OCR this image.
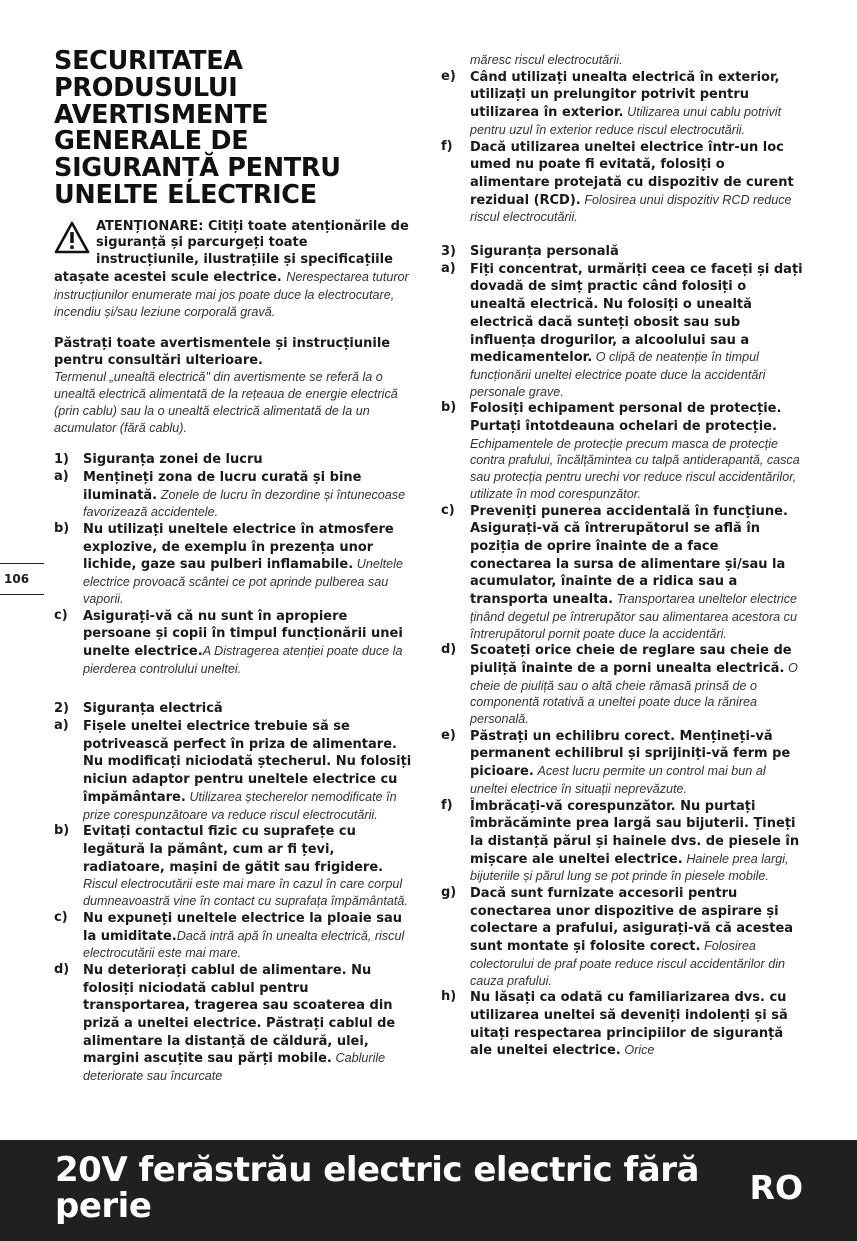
SECURITATEA PRODUSULUI AVERTISMENTE GENERALE DE SIGURANȚĂ PENTRU UNELTE ELECTRICE
ATENȚIONARE: Citiți toate atenționările de siguranță și parcurgeți toate instrucțiunile, ilustrațiile și specificațiile atașate acestei scule electrice. Nerespectarea tuturor instrucțiunilor enumerate mai jos poate duce la electrocutare, incendiu și/sau leziune corporală gravă.
Păstrați toate avertismentele și instrucțiunile pentru consultări ulterioare.
Termenul „unealtă electrică" din avertismente se referă la o unealtă electrică alimentată de la rețeaua de energie electrică (prin cablu) sau la o unealtă electrică alimentată de la un acumulator (fără cablu).
1)	Siguranța zonei de lucru
a)	Mențineți zona de lucru curată și bine iluminată. Zonele de lucru în dezordine și întunecoase favorizează accidentele.
b)	Nu utilizați uneltele electrice în atmosfere explozive, de exemplu în prezența unor lichide, gaze sau pulberi inflamabile. Uneltele electrice provoacă scântei ce pot aprinde pulberea sau vaporii.
c)	Asigurați-vă că nu sunt în apropiere persoane și copii în timpul funcționării unei unelte electrice.A Distragerea atenției poate duce la pierderea controlului uneltei.
2)	Siguranța electrică
a)	Fișele uneltei electrice trebuie să se potrivească perfect în priza de alimentare. Nu modificați niciodată ștecherul. Nu folosiți niciun adaptor pentru uneltele electrice cu împământare. Utilizarea ștecherelor nemodificate în prize corespunzătoare va reduce riscul electrocutării.
b)	Evitați contactul fizic cu suprafețe cu legătură la pământ, cum ar fi țevi, radiatoare, mașini de gătit sau frigidere. Riscul electrocutării este mai mare în cazul în care corpul dumneavoastră vine în contact cu suprafața împământată.
c)	Nu expuneți uneltele electrice la ploaie sau la umiditate.Dacă intră apă în unealta electrică, riscul electrocutării este mai mare.
d)	Nu deteriorați cablul de alimentare. Nu folosiți niciodată cablul pentru transportarea, tragerea sau scoaterea din priză a uneltei electrice. Păstrați cablul de alimentare la distanță de căldură, ulei, margini ascuțite sau părți mobile. Cablurile deteriorate sau încurcate
măresc riscul electrocutării.
e)	Când utilizați unealta electrică în exterior, utilizați un prelungitor potrivit pentru utilizarea în exterior. Utilizarea unui cablu potrivit pentru uzul în exterior reduce riscul electrocutării.
f)	Dacă utilizarea uneltei electrice într-un loc umed nu poate fi evitată, folosiți o alimentare protejată cu dispozitiv de curent rezidual (RCD). Folosirea unui dispozitiv RCD reduce riscul electrocutării.
3)	Siguranța personală
a)	Fiți concentrat, urmăriți ceea ce faceți și dați dovadă de simț practic când folosiți o unealtă electrică. Nu folosiți o unealtă electrică dacă sunteți obosit sau sub influența drogurilor, a alcoolului sau a medicamentelor. O clipă de neatenție în timpul funcționării uneltei electrice poate duce la accidentări personale grave.
b)	Folosiți echipament personal de protecție. Purtați întotdeauna ochelari de protecție. Echipamentele de protecție precum masca de protecție contra prafului, încălțămintea cu talpă antiderapantă, casca sau protecția pentru urechi vor reduce riscul accidentărilor, utilizate în mod corespunzător.
c)	Preveniți punerea accidentală în funcțiune. Asigurați-vă că întrerupătorul se află în poziția de oprire înainte de a face conectarea la sursa de alimentare și/sau la acumulator, înainte de a ridica sau a transporta unealta. Transportarea uneltelor electrice ținând degetul pe întrerupător sau alimentarea acestora cu întrerupătorul pornit poate duce la accidentări.
d)	Scoateți orice cheie de reglare sau cheie de piuliță înainte de a porni unealta electrică. O cheie de piuliță sau o altă cheie rămasă prinsă de o componentă rotativă a uneltei poate duce la rănirea personală.
e)	Păstrați un echilibru corect. Mențineți-vă permanent echilibrul și sprijiniți-vă ferm pe picioare. Acest lucru permite un control mai bun al uneltei electrice în situații neprevăzute.
f)	Îmbrăcați-vă corespunzător. Nu purtați îmbrăcăminte prea largă sau bijuterii. Țineți la distanță părul și hainele dvs. de piesele în mișcare ale uneltei electrice. Hainele prea largi, bijuteriile și părul lung se pot prinde în piesele mobile.
g)	Dacă sunt furnizate accesorii pentru conectarea unor dispozitive de aspirare și colectare a prafului, asigurați-vă că acestea sunt montate și folosite corect. Folosirea colectorului de praf poate reduce riscul accidentărilor din cauza prafului.
h)	Nu lăsați ca odată cu familiarizarea dvs. cu utilizarea uneltei să deveniți indolenți și să uitați respectarea principiilor de siguranță ale uneltei electrice. Orice
106
20V ferăstrău electric electric fără perie	RO
